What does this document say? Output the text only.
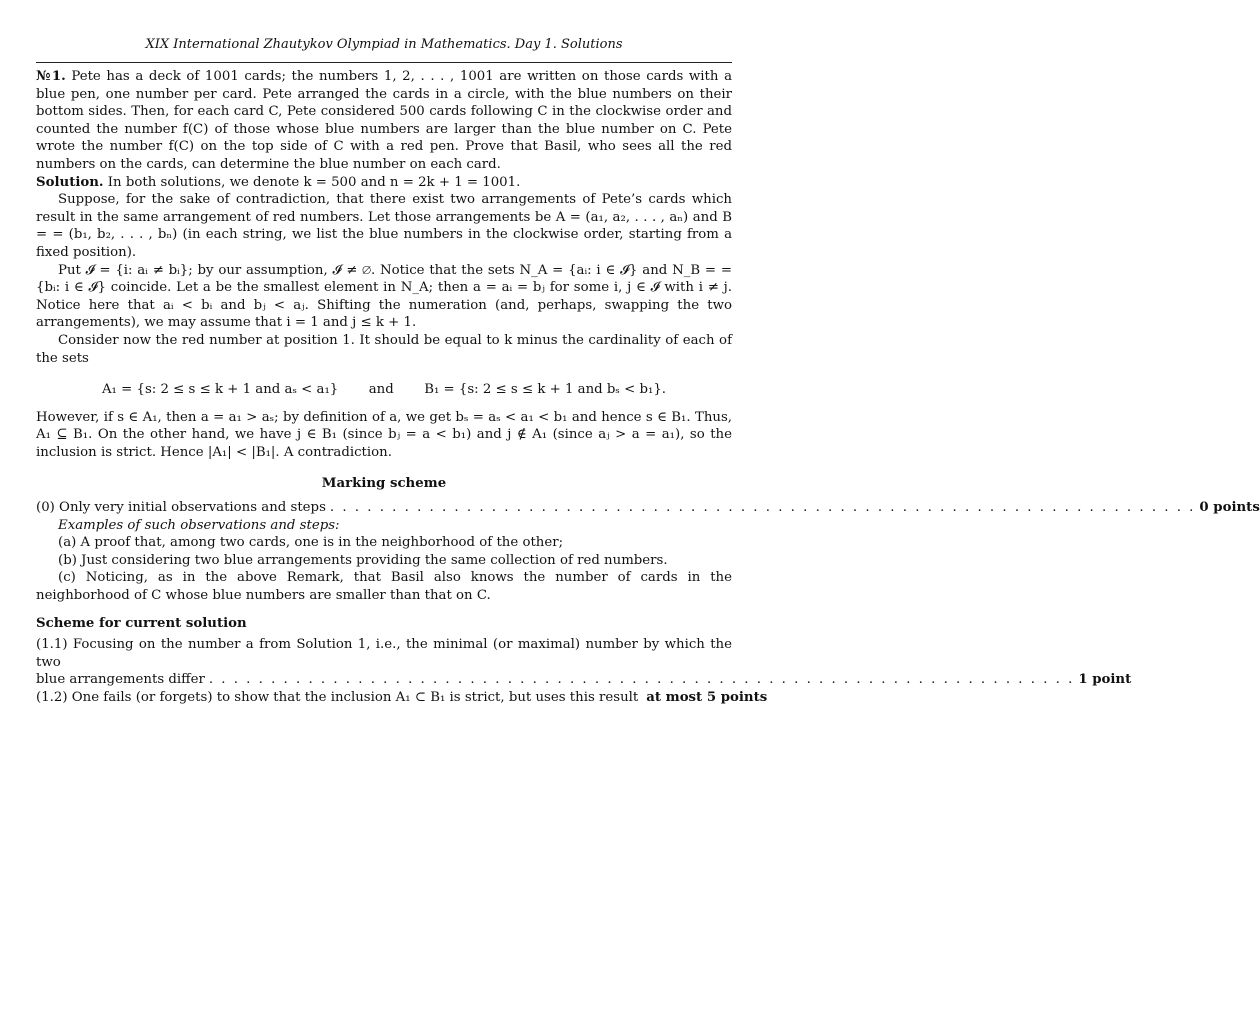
XIX International Zhautykov Olympiad in Mathematics. Day 1. Solutions

№1. Pete has a deck of 1001 cards; the numbers 1, 2, . . . , 1001 are written on those cards with a blue pen, one number per card. Pete arranged the cards in a circle, with the blue numbers on their bottom sides. Then, for each card C, Pete considered 500 cards following C in the clockwise order and counted the number f(C) of those whose blue numbers are larger than the blue number on C. Pete wrote the number f(C) on the top side of C with a red pen. Prove that Basil, who sees all the red numbers on the cards, can determine the blue number on each card.

Solution. In both solutions, we denote k = 500 and n = 2k + 1 = 1001.

Suppose, for the sake of contradiction, that there exist two arrangements of Pete’s cards which result in the same arrangement of red numbers. Let those arrangements be A = (a₁, a₂, . . . , aₙ) and B = = (b₁, b₂, . . . , bₙ) (in each string, we list the blue numbers in the clockwise order, starting from a fixed position).

Put 𝓘 = {i: aᵢ ≠ bᵢ}; by our assumption, 𝓘 ≠ ∅. Notice that the sets N_A = {aᵢ: i ∈ 𝓘} and N_B = = {bᵢ: i ∈ 𝓘} coincide. Let a be the smallest element in N_A; then a = aᵢ = bⱼ for some i, j ∈ 𝓘 with i ≠ j. Notice here that aᵢ < bᵢ and bⱼ < aⱼ. Shifting the numeration (and, perhaps, swapping the two arrangements), we may assume that i = 1 and j ≤ k + 1.

Consider now the red number at position 1. It should be equal to k minus the cardinality of each of the sets

A₁ = {s: 2 ≤ s ≤ k + 1 and aₛ < a₁} and B₁ = {s: 2 ≤ s ≤ k + 1 and bₛ < b₁}.

However, if s ∈ A₁, then a = a₁ > aₛ; by definition of a, we get bₛ = aₛ < a₁ < b₁ and hence s ∈ B₁. Thus, A₁ ⊆ B₁. On the other hand, we have j ∈ B₁ (since bⱼ = a < b₁) and j ∉ A₁ (since aⱼ > a = a₁), so the inclusion is strict. Hence |A₁| < |B₁|. A contradiction.

Marking scheme
(0) Only very initial observations and steps . . . . . . . . . . . . . . . . . . . . . . . . . . . . . . . . . . . . . . . . . . . . . . . . . . . . . . . . . . . . . . . . . . . . . . 0 points

Examples of such observations and steps:

(a) A proof that, among two cards, one is in the neighborhood of the other;

(b) Just considering two blue arrangements providing the same collection of red numbers.

(c) Noticing, as in the above Remark, that Basil also knows the number of cards in the neighborhood of C whose blue numbers are smaller than that on C.

Scheme for current solution

(1.1) Focusing on the number a from Solution 1, i.e., the minimal (or maximal) number by which the two

blue arrangements differ . . . . . . . . . . . . . . . . . . . . . . . . . . . . . . . . . . . . . . . . . . . . . . . . . . . . . . . . . . . . . . . . . . . . . . 1 point
(1.2) One fails (or forgets) to show that the inclusion A₁ ⊂ B₁ is strict, but uses this result at most 5 points
